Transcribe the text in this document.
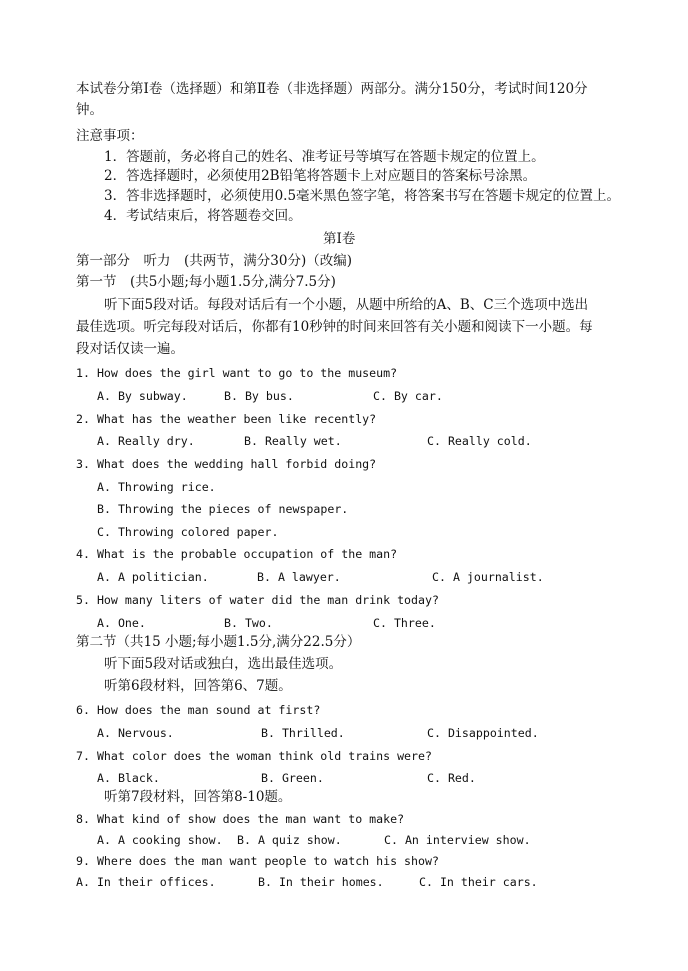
本试卷分第Ⅰ卷（选择题）和第Ⅱ卷（非选择题）两部分。满分150分，考试时间120分
钟。
注意事项：
1．答题前，务必将自己的姓名、准考证号等填写在答题卡规定的位置上。
2．答选择题时，必须使用2B铅笔将答题卡上对应题目的答案标号涂黑。
3．答非选择题时，必须使用0.5毫米黑色签字笔，将答案书写在答题卡规定的位置上。
4．考试结束后，将答题卷交回。
第Ⅰ卷
第一部分　听力　(共两节，满分30分)（改编)
第一节　(共5小题;每小题1.5分,满分7.5分)
听下面5段对话。每段对话后有一个小题，从题中所给的A、B、C三个选项中选出
最佳选项。听完每段对话后，你都有10秒钟的时间来回答有关小题和阅读下一小题。每
段对话仅读一遍。
1. How does the girl want to go to the museum?
A. By subway.	B. By bus.	C. By car.
2. What has the weather been like recently?
A. Really dry.	B. Really wet.	C. Really cold.
3. What does the wedding hall forbid doing?
A. Throwing rice.
B. Throwing the pieces of newspaper.
C. Throwing colored paper.
4. What is the probable occupation of the man?
A. A politician.	B. A lawyer.	C. A journalist.
5. How many liters of water did the man drink today?
A. One.	B. Two.	C. Three.
第二节（共15 小题;每小题1.5分,满分22.5分）
听下面5段对话或独白，选出最佳选项。
听第6段材料，回答第6、7题。
6. How does the man sound at first?
A. Nervous.	B. Thrilled.	C. Disappointed.
7. What color does the woman think old trains were?
A. Black.	B. Green.	C. Red.
听第7段材料，回答第8-10题。
8. What kind of show does the man want to make?
A. A cooking show. B. A quiz show.	C. An interview show.
9. Where does the man want people to watch his show?
A. In their offices.	B. In their homes.	C. In their cars.
